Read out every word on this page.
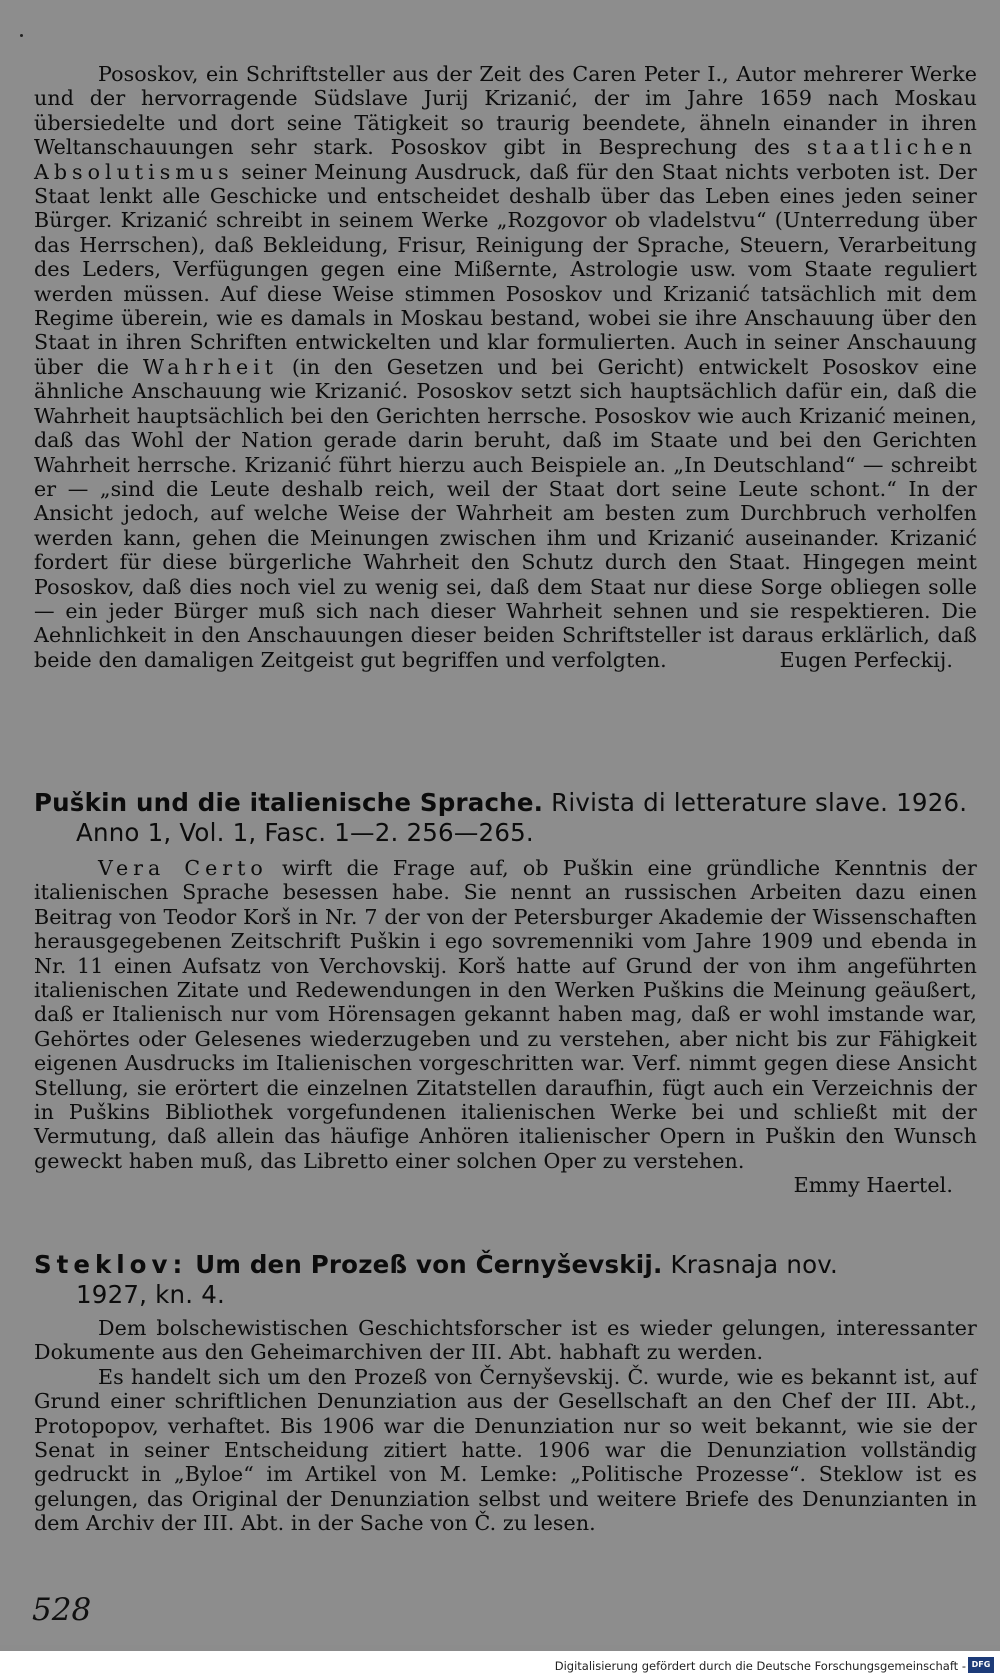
Pososkov, ein Schriftsteller aus der Zeit des Caren Peter I., Autor mehrerer Werke und der hervorragende Südslave Jurij Krizanić, der im Jahre 1659 nach Moskau übersiedelte und dort seine Tätigkeit so traurig beendete, ähneln einander in ihren Weltanschauungen sehr stark. Pososkov gibt in Besprechung des staatlichen Absolutismus seiner Meinung Ausdruck, daß für den Staat nichts verboten ist. Der Staat lenkt alle Geschicke und entscheidet deshalb über das Leben eines jeden seiner Bürger. Krizanić schreibt in seinem Werke „Rozgovor ob vladelstvu“ (Unterredung über das Herrschen), daß Bekleidung, Frisur, Reinigung der Sprache, Steuern, Verarbeitung des Leders, Verfügungen gegen eine Mißernte, Astrologie usw. vom Staate reguliert werden müssen. Auf diese Weise stimmen Pososkov und Krizanić tatsächlich mit dem Regime überein, wie es damals in Moskau bestand, wobei sie ihre Anschauung über den Staat in ihren Schriften entwickelten und klar formulierten. Auch in seiner Anschauung über die Wahrheit (in den Gesetzen und bei Gericht) entwickelt Pososkov eine ähnliche Anschauung wie Krizanić. Pososkov setzt sich hauptsächlich dafür ein, daß die Wahrheit hauptsächlich bei den Gerichten herrsche. Pososkov wie auch Krizanić meinen, daß das Wohl der Nation gerade darin beruht, daß im Staate und bei den Gerichten Wahrheit herrsche. Krizanić führt hierzu auch Beispiele an. „In Deutschland“ — schreibt er — „sind die Leute deshalb reich, weil der Staat dort seine Leute schont.“ In der Ansicht jedoch, auf welche Weise der Wahrheit am besten zum Durchbruch verholfen werden kann, gehen die Meinungen zwischen ihm und Krizanić auseinander. Krizanić fordert für diese bürgerliche Wahrheit den Schutz durch den Staat. Hingegen meint Pososkov, daß dies noch viel zu wenig sei, daß dem Staat nur diese Sorge obliegen solle — ein jeder Bürger muß sich nach dieser Wahrheit sehnen und sie respektieren. Die Aehnlichkeit in den Anschauungen dieser beiden Schriftsteller ist daraus erklärlich, daß beide den damaligen Zeitgeist gut begriffen und verfolgten.	Eugen Perfeckij.

Puškin und die italienische Sprache. Rivista di letterature slave. 1926.
Anno 1, Vol. 1, Fasc. 1—2. 256—265.

Vera Certo wirft die Frage auf, ob Puškin eine gründliche Kenntnis der italienischen Sprache besessen habe. Sie nennt an russischen Arbeiten dazu einen Beitrag von Teodor Korš in Nr. 7 der von der Petersburger Akademie der Wissenschaften herausgegebenen Zeitschrift Puškin i ego sovremenniki vom Jahre 1909 und ebenda in Nr. 11 einen Aufsatz von Verchovskij. Korš hatte auf Grund der von ihm angeführten italienischen Zitate und Redewendungen in den Werken Puškins die Meinung geäußert, daß er Italienisch nur vom Hörensagen gekannt haben mag, daß er wohl imstande war, Gehörtes oder Gelesenes wiederzugeben und zu verstehen, aber nicht bis zur Fähigkeit eigenen Ausdrucks im Italienischen vorgeschritten war. Verf. nimmt gegen diese Ansicht Stellung, sie erörtert die einzelnen Zitatstellen daraufhin, fügt auch ein Verzeichnis der in Puškins Bibliothek vorgefundenen italienischen Werke bei und schließt mit der Vermutung, daß allein das häufige Anhören italienischer Opern in Puškin den Wunsch geweckt haben muß, das Libretto einer solchen Oper zu verstehen.
Emmy Haertel.

Steklov: Um den Prozeß von Černyševskij. Krasnaja nov.
1927, kn. 4.

Dem bolschewistischen Geschichtsforscher ist es wieder gelungen, interessanter Dokumente aus den Geheimarchiven der III. Abt. habhaft zu werden.

Es handelt sich um den Prozeß von Černyševskij. Č. wurde, wie es bekannt ist, auf Grund einer schriftlichen Denunziation aus der Gesellschaft an den Chef der III. Abt., Protopopov, verhaftet. Bis 1906 war die Denunziation nur so weit bekannt, wie sie der Senat in seiner Entscheidung zitiert hatte. 1906 war die Denunziation vollständig gedruckt in „Byloe“ im Artikel von M. Lemke: „Politische Prozesse“. Steklow ist es gelungen, das Original der Denunziation selbst und weitere Briefe des Denunzianten in dem Archiv der III. Abt. in der Sache von Č. zu lesen.

528
Digitalisierung gefördert durch die Deutsche Forschungsgemeinschaft - DFG
